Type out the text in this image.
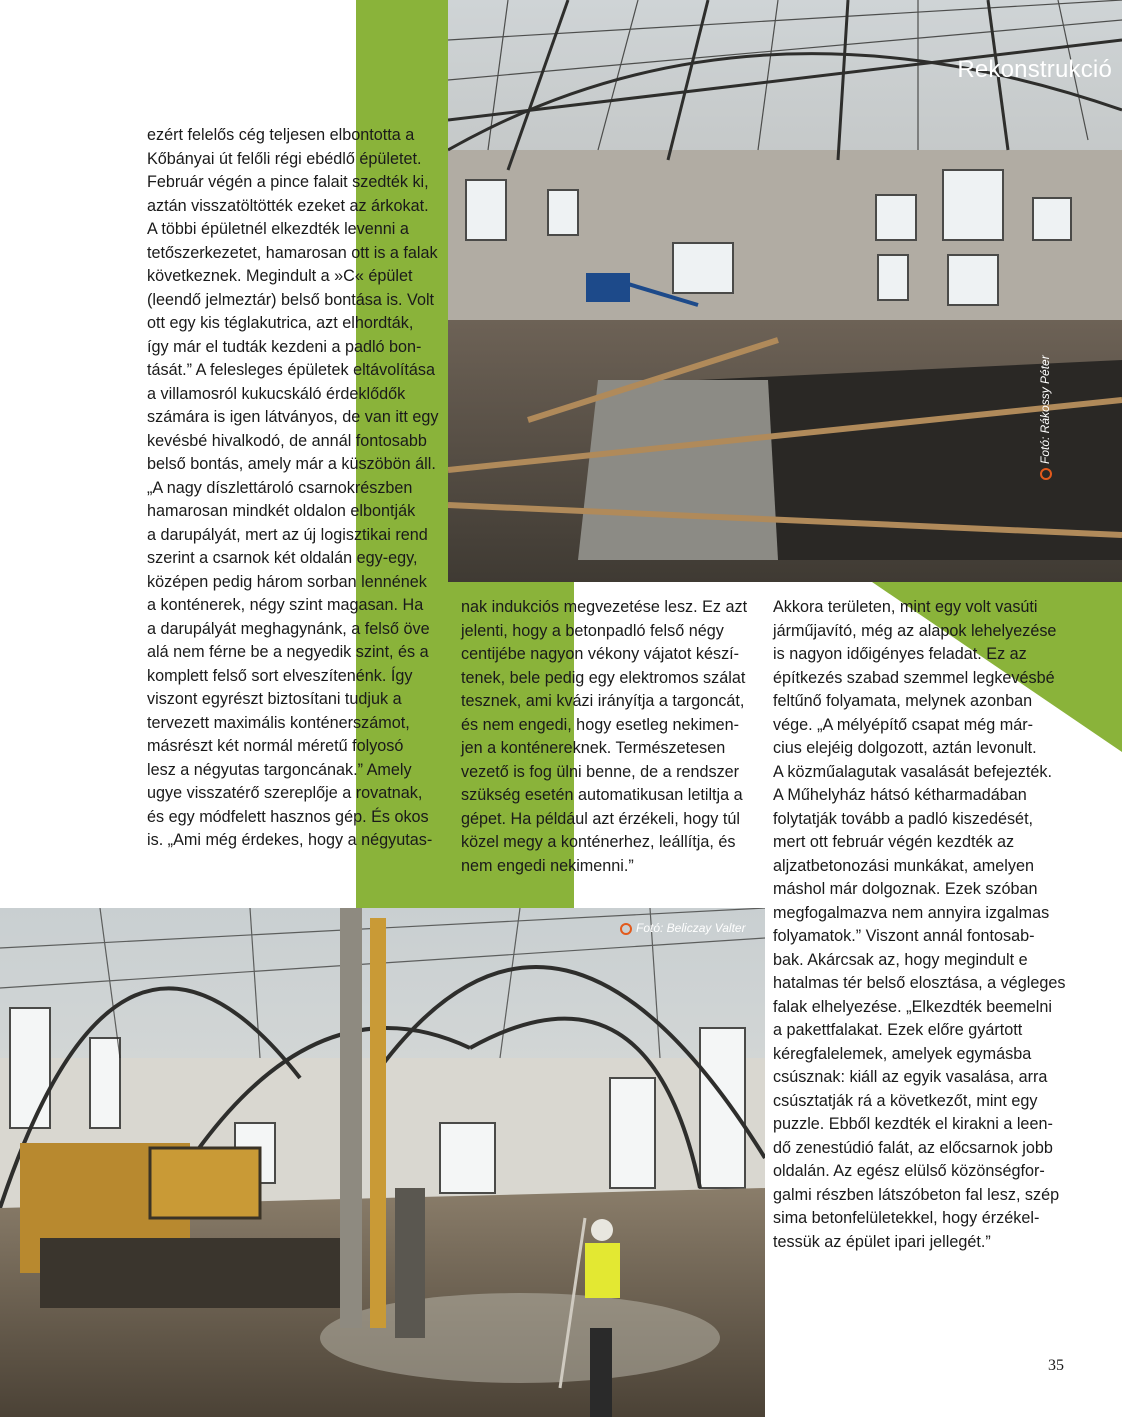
Rekonstrukció
Fotó: Rákossy Péter
Fotó: Beliczay Valter
ezért felelős cég teljesen elbontotta a
Kőbányai út felőli régi ebédlő épületet.
Február végén a pince falait szedték ki,
aztán visszatöltötték ezeket az árkokat.
A többi épületnél elkezdték levenni a
tetőszerkezetet, hamarosan ott is a falak
következnek. Megindult a »C« épület
(leendő jelmeztár) belső bontása is. Volt
ott egy kis téglakutrica, azt elhordták,
így már el tudták kezdeni a padló bon-
tását.” A felesleges épületek eltávolítása
a villamosról kukucskáló érdeklődők
számára is igen látványos, de van itt egy
kevésbé hivalkodó, de annál fontosabb
belső bontás, amely már a küszöbön áll.
„A nagy díszlettároló csarnokrészben
hamarosan mindkét oldalon elbontják
a darupályát, mert az új logisztikai rend
szerint a csarnok két oldalán egy-egy,
középen pedig három sorban lennének
a konténerek, négy szint magasan. Ha
a darupályát meghagynánk, a felső öve
alá nem férne be a negyedik szint, és a
komplett felső sort elveszítenénk. Így
viszont egyrészt biztosítani tudjuk a
tervezett maximális konténerszámot,
másrészt két normál méretű folyosó
lesz a négyutas targoncának.” Amely
ugye visszatérő szereplője a rovatnak,
és egy módfelett hasznos gép. És okos
is. „Ami még érdekes, hogy a négyutas-
nak indukciós megvezetése lesz. Ez azt
jelenti, hogy a betonpadló felső négy
centijébe nagyon vékony vájatot készí-
tenek, bele pedig egy elektromos szálat
tesznek, ami kvázi irányítja a targoncát,
és nem engedi, hogy esetleg nekimen-
jen a konténereknek. Természetesen
vezető is fog ülni benne, de a rendszer
szükség esetén automatikusan letiltja a
gépet. Ha például azt érzékeli, hogy túl
közel megy a konténerhez, leállítja, és
nem engedi nekimenni.”
Akkora területen, mint egy volt vasúti
járműjavító, még az alapok lehelyezése
is nagyon időigényes feladat. Ez az
építkezés szabad szemmel legkevésbé
feltűnő folyamata, melynek azonban
vége. „A mélyépítő csapat még már-
cius elejéig dolgozott, aztán levonult.
A közműalagutak vasalását befejezték.
A Műhelyház hátsó kétharmadában
folytatják tovább a padló kiszedését,
mert ott február végén kezdték az
aljzatbetonozási munkákat, amelyen
máshol már dolgoznak. Ezek szóban
megfogalmazva nem annyira izgalmas
folyamatok.” Viszont annál fontosab-
bak. Akárcsak az, hogy megindult e
hatalmas tér belső elosztása, a végleges
falak elhelyezése. „Elkezdték beemelni
a pakettfalakat. Ezek előre gyártott
kéregfalelemek, amelyek egymásba
csúsznak: kiáll az egyik vasalása, arra
csúsztatják rá a következőt, mint egy
puzzle. Ebből kezdték el kirakni a leen-
dő zenestúdió falát, az előcsarnok jobb
oldalán. Az egész elülső közönségfor-
galmi részben látszóbeton fal lesz, szép
sima betonfelületekkel, hogy érzékel-
tessük az épület ipari jellegét.”
35
